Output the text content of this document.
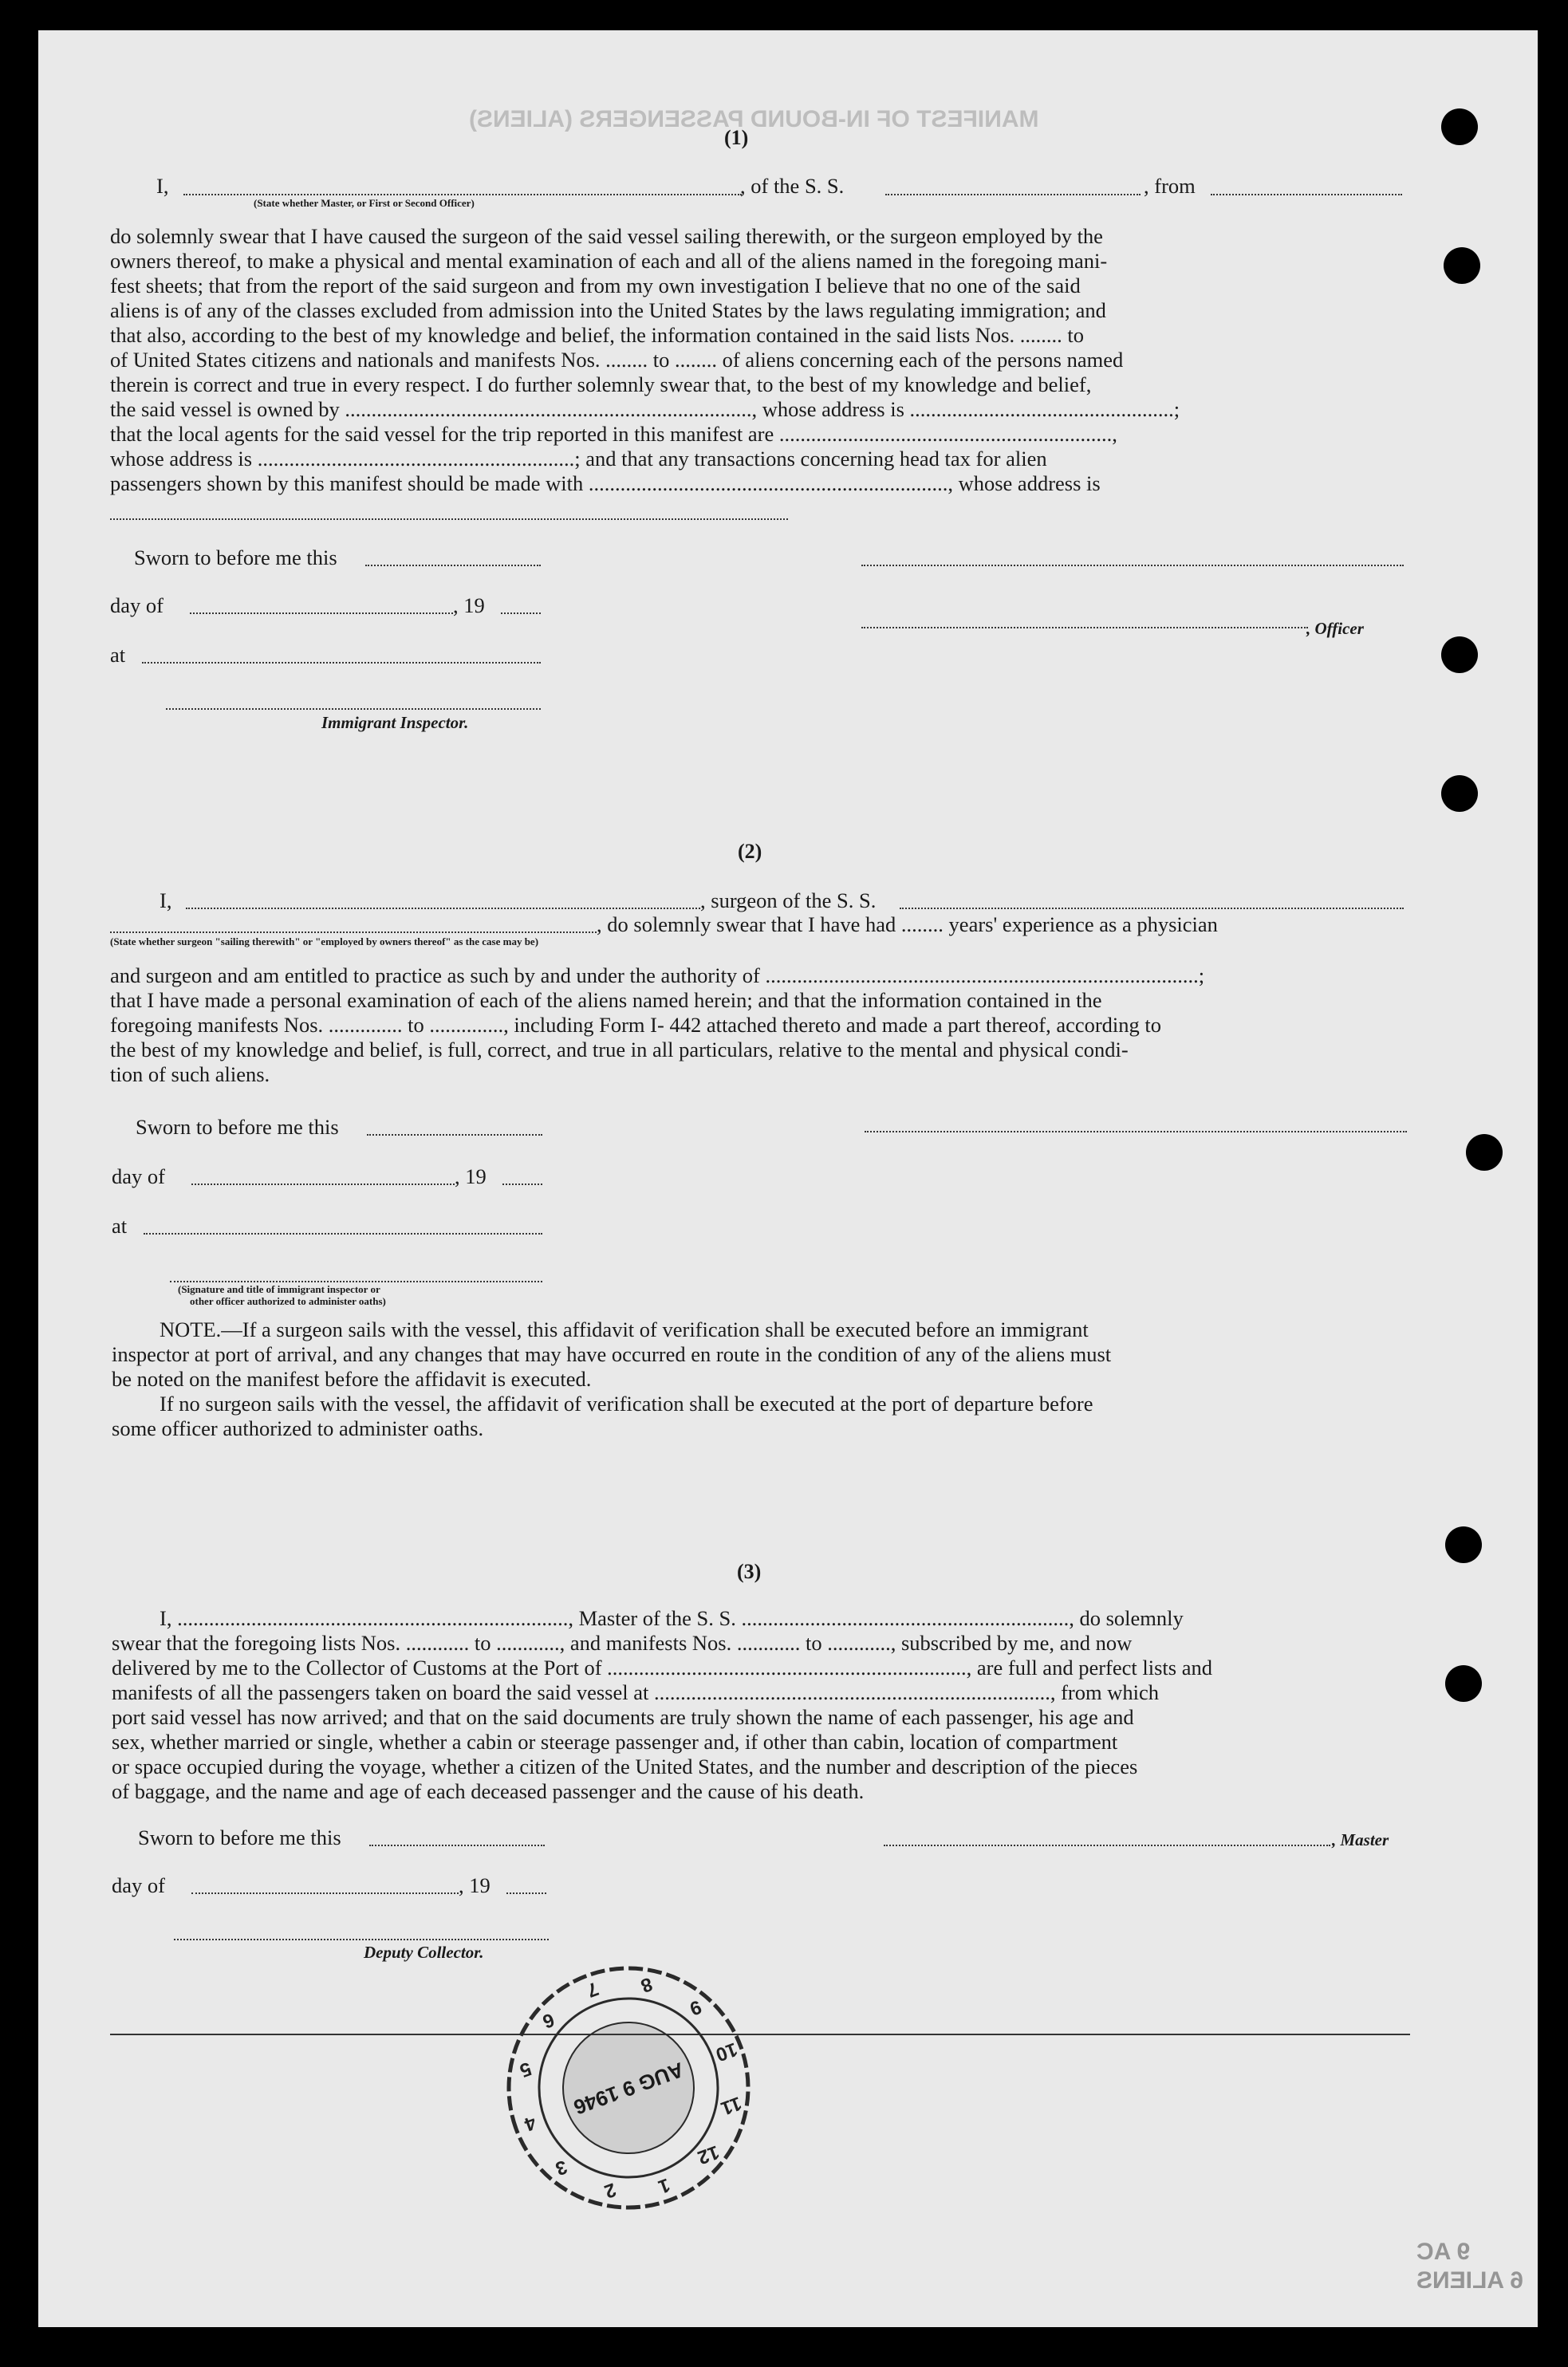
MANIFEST OF IN-BOUND PASSENGERS (ALIENS)

(1)
I,	, of the S. S.	, from
(State whether Master, or First or Second Officer)
do solemnly swear that I have caused the surgeon of the said vessel sailing therewith, or the surgeon employed by the
owners thereof, to make a physical and mental examination of each and all of the aliens named in the foregoing mani-
fest sheets; that from the report of the said surgeon and from my own investigation I believe that no one of the said
aliens is of any of the classes excluded from admission into the United States by the laws regulating immigration; and
that also, according to the best of my knowledge and belief, the information contained in the said lists Nos. ........ to
of United States citizens and nationals and manifests Nos. ........ to ........ of aliens concerning each of the persons named
therein is correct and true in every respect. I do further solemnly swear that, to the best of my knowledge and belief,
the said vessel is owned by ............................................................................., whose address is ..................................................;
that the local agents for the said vessel for the trip reported in this manifest are ...............................................................,
whose address is ............................................................; and that any transactions concerning head tax for alien
passengers shown by this manifest should be made with ...................................................................., whose address is
Sworn to before me this
day of	, 19
, Officer
at
Immigrant Inspector.
(2)
I,	, surgeon of the S. S.
, do solemnly swear that I have had ........ years' experience as a physician
(State whether surgeon "sailing therewith" or "employed by owners thereof" as the case may be)
and surgeon and am entitled to practice as such by and under the authority of ..................................................................................;
that I have made a personal examination of each of the aliens named herein; and that the information contained in the
foregoing manifests Nos. .............. to .............., including Form I- 442 attached thereto and made a part thereof, according to
the best of my knowledge and belief, is full, correct, and true in all particulars, relative to the mental and physical condi-
tion of such aliens.
Sworn to before me this
day of	, 19
at
(Signature and title of immigrant inspector or
other officer authorized to administer oaths)
NOTE.—If a surgeon sails with the vessel, this affidavit of verification shall be executed before an immigrant
inspector at port of arrival, and any changes that may have occurred en route in the condition of any of the aliens must
be noted on the manifest before the affidavit is executed.
If no surgeon sails with the vessel, the affidavit of verification shall be executed at the port of departure before
some officer authorized to administer oaths.
(3)
I, .........................................................................., Master of the S. S. .............................................................., do solemnly
swear that the foregoing lists Nos. ............ to ............, and manifests Nos. ............ to ............, subscribed by me, and now
delivered by me to the Collector of Customs at the Port of ...................................................................., are full and perfect lists and
manifests of all the passengers taken on board the said vessel at ..........................................................................., from which
port said vessel has now arrived; and that on the said documents are truly shown the name of each passenger, his age and
sex, whether married or single, whether a cabin or steerage passenger and, if other than cabin, location of compartment
or space occupied during the voyage, whether a citizen of the United States, and the number and description of the pieces
of baggage, and the name and age of each deceased passenger and the cause of his death.
Sworn to before me this	, Master
day of	, 19
Deputy Collector.
1
2
3
4
5
6
7 8
9
10
11
12
AUG 9 1946
9 AC
6 ALIENS
